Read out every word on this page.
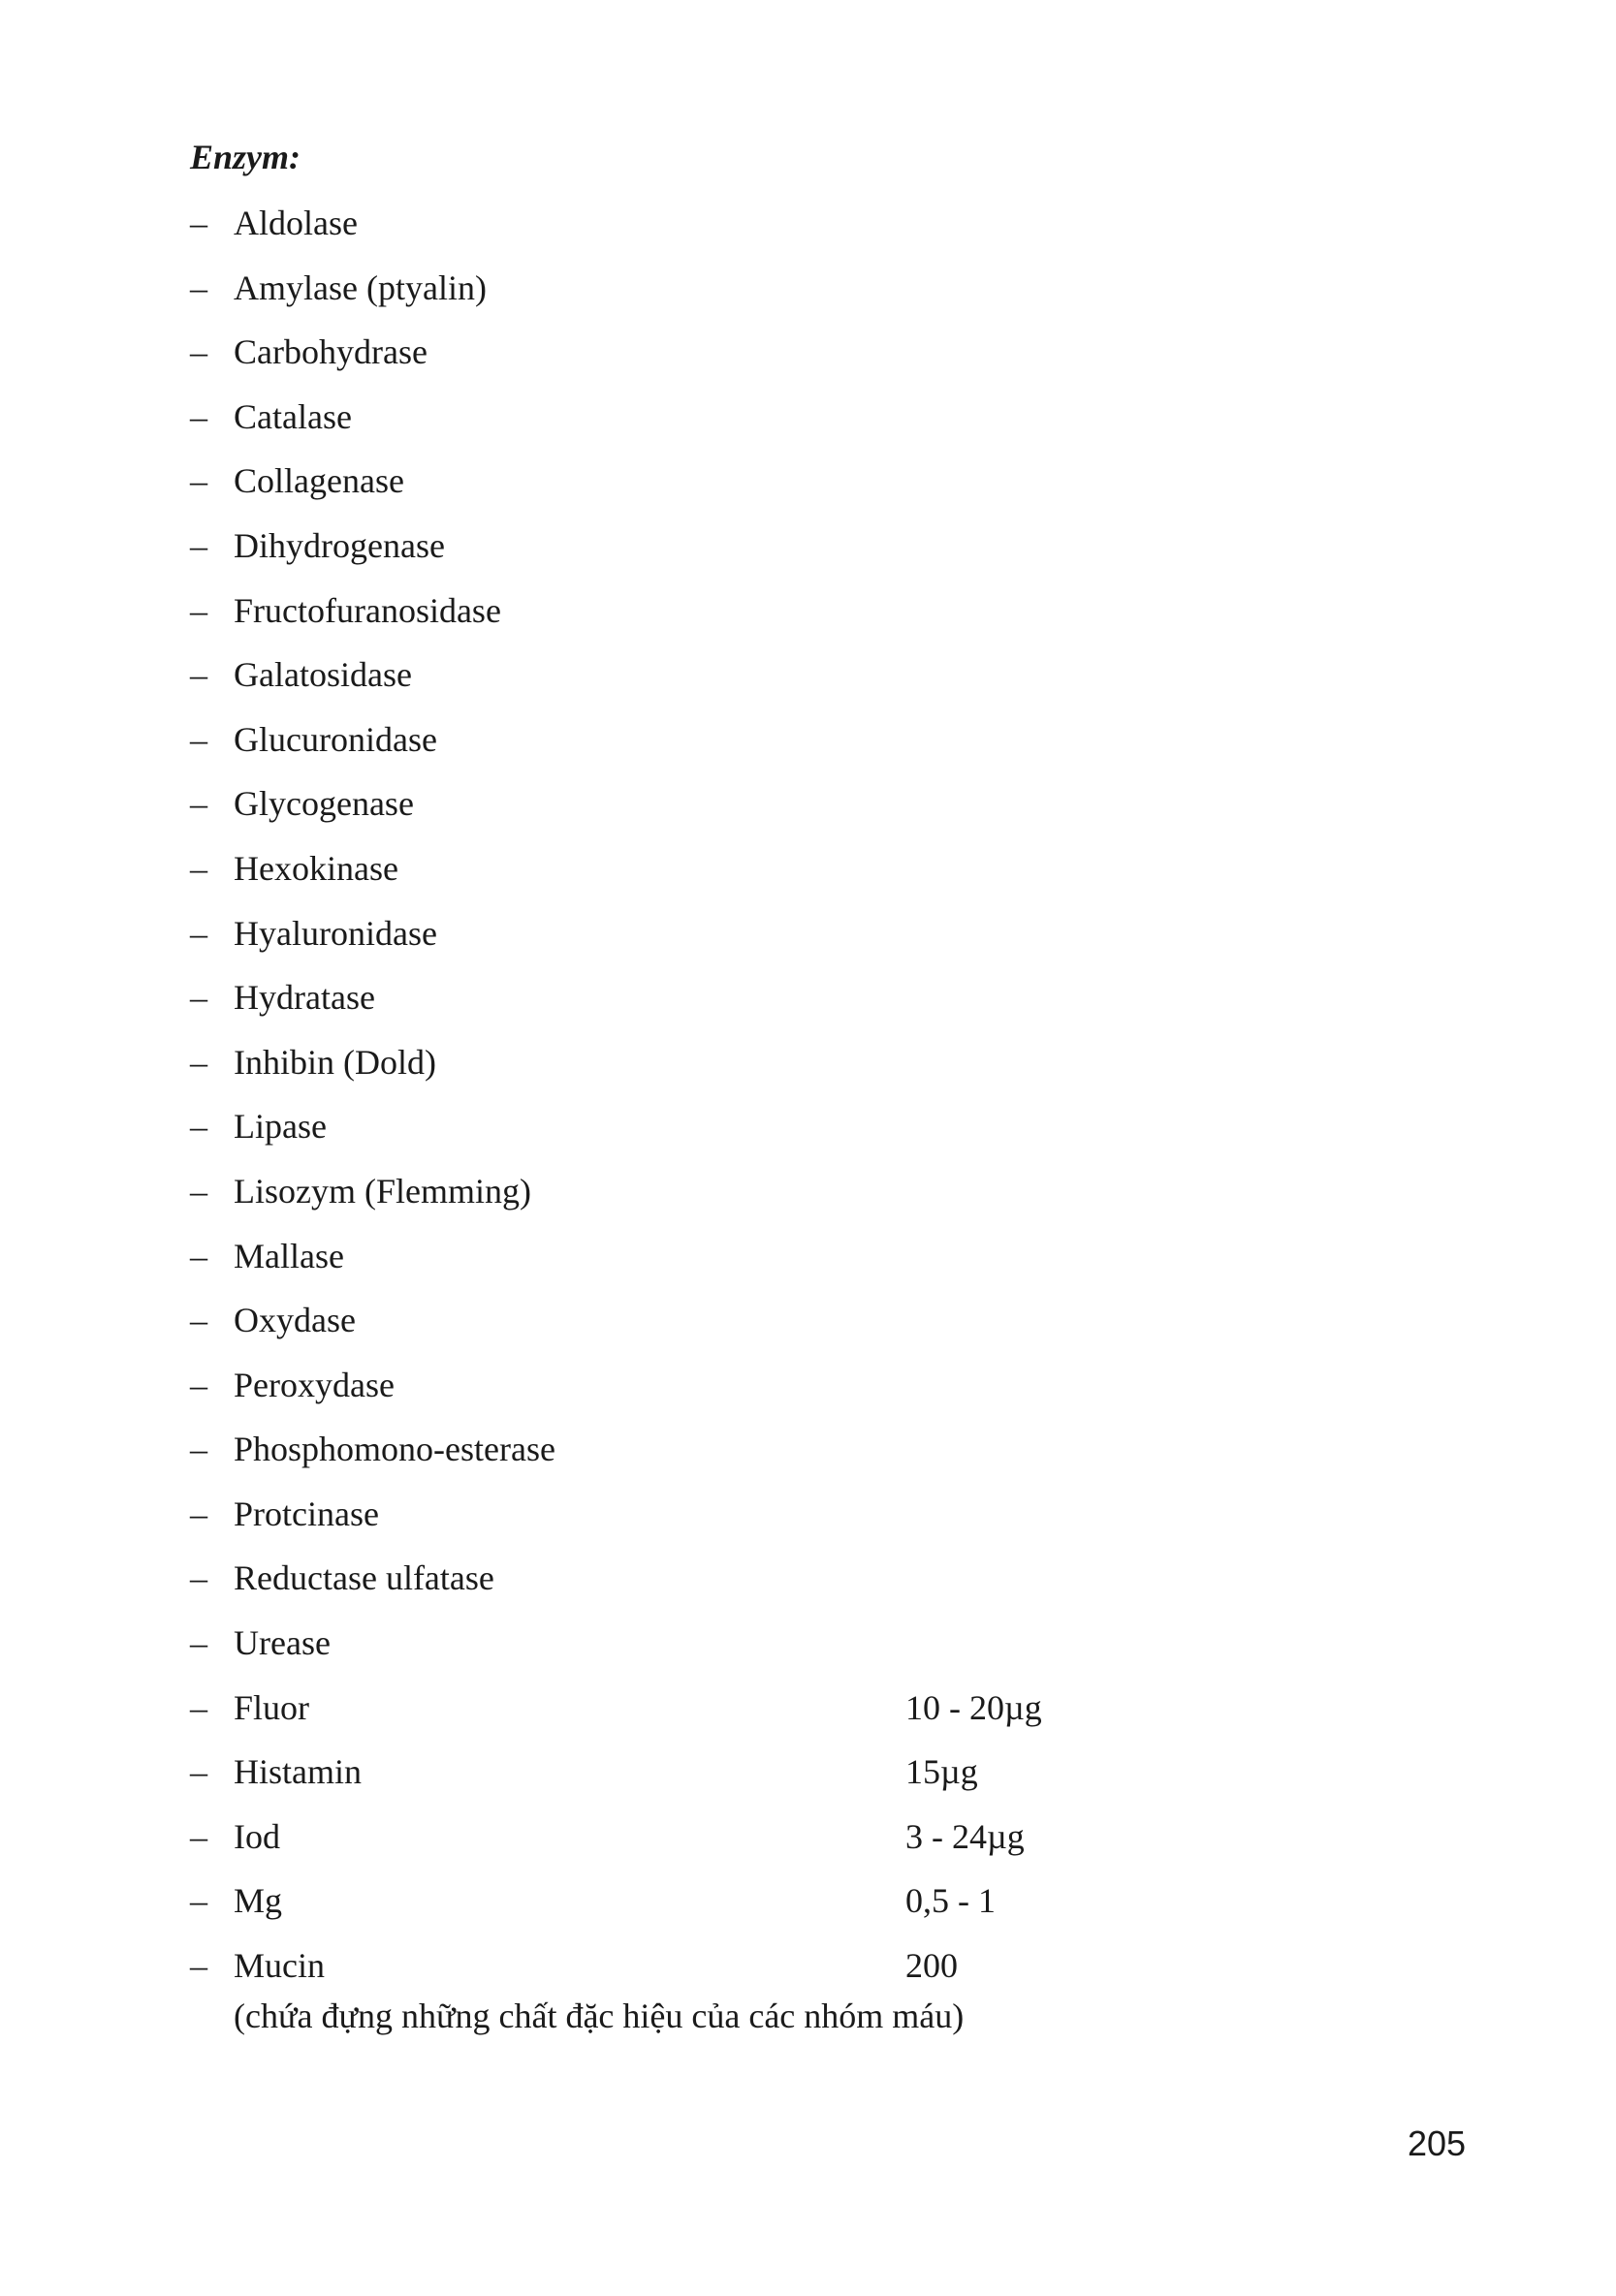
Enzym:

– Aldolase
– Amylase (ptyalin)
– Carbohydrase
– Catalase
– Collagenase
– Dihydrogenase
– Fructofuranosidase
– Galatosidase
– Glucuronidase
– Glycogenase
– Hexokinase
– Hyaluronidase
– Hydratase
– Inhibin (Dold)
– Lipase
– Lisozym (Flemming)
– Mallase
– Oxydase
– Peroxydase
– Phosphomono-esterase
– Protcinase
– Reductase ulfatase
– Urease
– Fluor	10 - 20µg
– Histamin	15µg
– Iod	3 - 24µg
– Mg	0,5 - 1
– Mucin	200
(chứa đựng những chất đặc hiệu của các nhóm máu)
205
